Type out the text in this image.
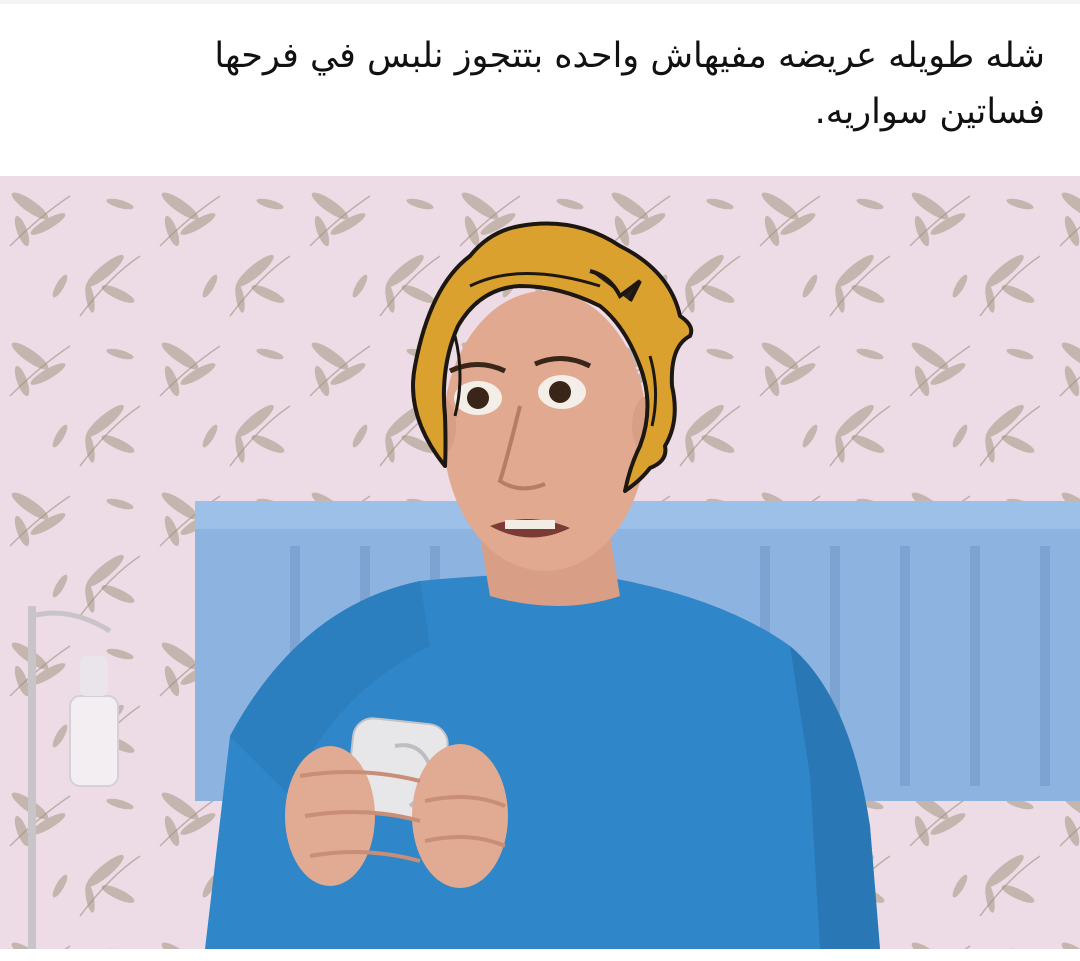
شله طويله عريضه مفيهاش واحده بتتجوز نلبس في فرحها
فساتين سواريه.
